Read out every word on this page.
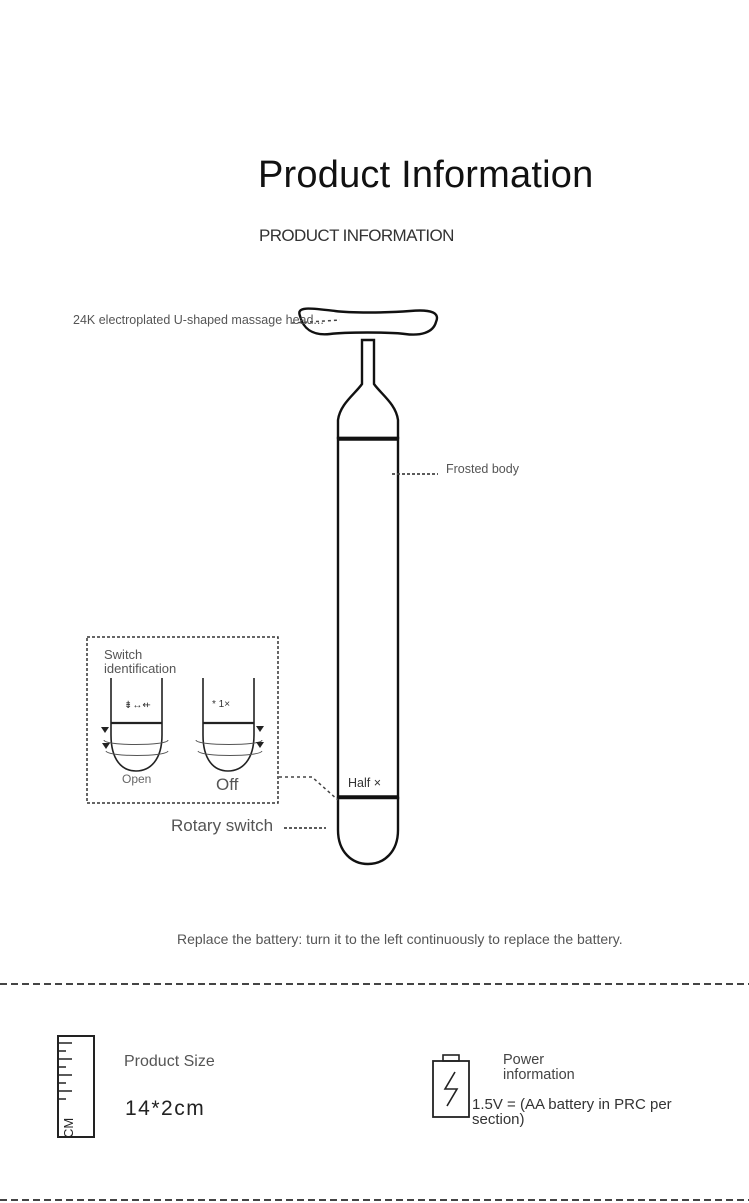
Product Information
PRODUCT INFORMATION
24K electroplated U-shaped massage head...
Frosted body
Half ×
Rotary switch
Switch identification
⇟↔⇷	* 1×
Open	Off
Replace the battery: turn it to the left continuously to replace the battery.
CM
Product Size
14*2cm
Power information
1.5V = (AA battery in PRC per section)
